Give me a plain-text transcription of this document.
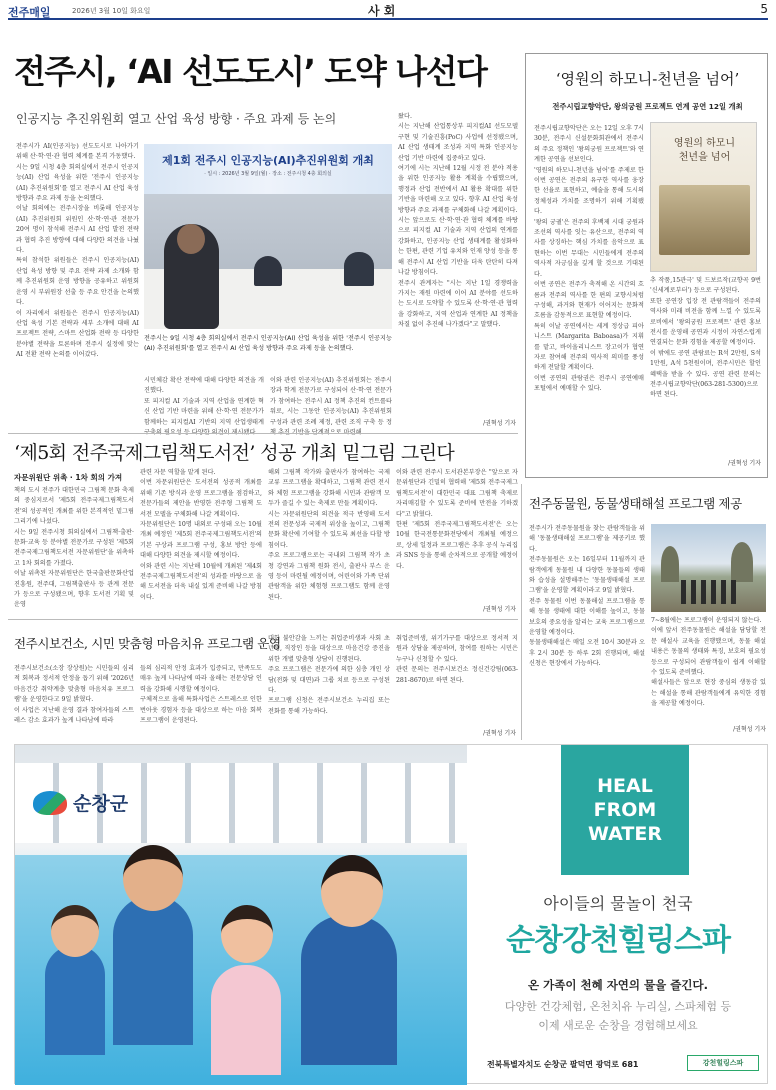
전주매일	2026년 3월 10일 화요일	사 회	5
전주시, ‘AI 선도도시’ 도약 나선다
인공지능 추진위원회 열고 산업 육성 방향 · 주요 과제 등 논의
전주시가 AI(인공지능) 선도도시로 나아가기 위해 산·학·연·관 협력 체계를 본격 가동했다.
시는 9일 시청 4층 회의실에서 전주시 인공지능(AI) 산업 육성을 위한 '전주시 인공지능(AI) 추진위원회'를 열고 전주시 AI 산업 육성 방향과 주요 과제 등을 논의했다.
이날 회의에는 전주시장을 비롯해 인공지능(AI) 추진위원회 위원인 산·학·연·관 전문가 20여 명이 참석해 전주시 AI 산업 발전 전략과 협력 추진 방향에 대해 다양한 의견을 나눴다.
특히 참석한 위원들은 전주시 인공지능(AI) 산업 육성 방향 및 주요 전략 과제 소개와 함께 추진위원회 운영 방향을 공유하고 위원회 운영 시 부위원장 선출 등 주요 안건을 논의했다.
이 자리에서 위원들은 전주시 인공지능(AI) 산업 육성 기본 전략과 세부 소개에 대해 AI 프로젝트 전략, 스마트 산업화 전략 등 다양한 분야별 전략을 토론하며 전주시 실정에 맞는 AI 전환 전략 논의를 이어갔다.
제1회 전주시 인공지능(AI)추진위원회 개최
· 일시 : 2026년 3월 9일(월) · 장소 : 전주시청 4층 회의실
전주시는 9일 시청 4층 회의실에서 전주시 인공지능(AI) 산업 육성을 위한 '전주시 인공지능(AI) 추진위원회'를 열고 전주시 AI 산업 육성 방향과 주요 과제 등을 논의했다.
시민체감 확산 전략에 대해 다양한 의견을 개진했다.
또 피지컬 AI 기술과 지역 산업을 연계한 혁신 산업 기반 마련을 위해 산·학·연 전문가가 함께하는 피지컬AI 기반의 지역 산업생태계
이와 관련 인공지능(AI) 추진위원회는 전주시장과 학계 전문가로 구성되어 산·학·연 전문가가 참여하는 전주시 AI 정책 추진의 컨트롤타워로, 시는 그동안 인공지능(AI) 추진위원회 구성과 관련 조례 제정, 관련 조직 구축 등 정
왔다.
시는 지난해 산업통상부 피지컬AI 선도모델 구현 및 기술진흥(PoC) 사업에 선정됐으며, AI 산업 생태계 조성과 지역 특화 인공지능 산업 기반 마련에 집중하고 있다.
여기에 시는 지난해 12월 시정 전 분야 적용을 위한 인공지능 활용 계획을 수립했으며, 행정과 산업 전반에서 AI 활용 확대를 위한 기반을 마련해 오고 있다. 향후 AI 산업 육성 방향과 주요 과제를 구체화해 나갈 계획이다.
시는 앞으로도 산·학·연·관 협력 체계를 바탕으로 피지컬 AI 기술과 지역 산업의 연계를 강화하고, 인공지능 산업 생태계를 활성화하는 한편, 관련 기업 유치와 인재 양성 등을 통해 전주시 AI 산업 기반을 더욱 탄탄히 다져 나갈 방침이다.
전주시 관계자는 "시는 지난 1일 경쟁력을 가지는 재원 마련에 이어 AI 분야를 선도하는 도시로 도약할 수 있도록 산·학·연·관 협력을 강화하고, 지역 산업과 연계한 AI 정책을 차질 없이 추진해 나가겠다"고 말했다.
/권혁성 기자
‘영원의 하모니-천년을 넘어’
전주시립교향악단, 왕의궁원 프로젝트 연계 공연 12일 개최
전주시립교향악단은 오는 12일 오후 7시 30분, 전주시 신설문화회관에서 전주시의 주요 정책인 '왕의궁원 프로젝트'와 연계한 공연을 선보인다.
'영원의 하모니-천년을 넘어'를 주제로 한 이번 공연은 전주의 유구한 역사를 웅장한 선율로 표현하고, 예술을 통해 도시의 정체성과 가치를 조명하기 위해 기획됐다.
'왕의 궁궐'은 전주의 후백제 시대 궁원과 조선의 역사를 잇는 유산으로, 전주의 역사를 상징하는 핵심 가치를 음악으로 표현하는 이번 무대는 시민들에게 전주의 역사적 자긍심을 깊게 할 것으로 기대된다.
이번 공연은 전주가 축적해 온 시간의 흐름과 전주의 역사를 한 편의 교향시처럼 구성해, 과거와 현재가 이어지는 문화적 흐름을 감동적으로 표현할 예정이다.
특히 이날 공연에서는 세계 정상급 피아니스트 (Margarita Baboasa)가 지휘를 맡고, 바이올리니스트 장고이가 협연자로 참여해 전주의 역사적 의미를 풍성하게 전달할 계획이다.
이번 공연의 관람권은 전주시 공연예매 포털에서 예매할 수 있다.
영원의 하모니
천년을 넘어
추 작품,15관극' 및 드보르작(교향곡 9번 '신세계로부터') 등으로 구성된다.
또한 공연장 입장 전 관람객들이 전주의 역사와 미래 비전을 함께 느낄 수 있도록 로비에서 '왕의궁원 프로젝트' 관련 홍보 전시를 운영해 공연과 시정이 자연스럽게 연결되는 문화 경험을 제공할 예정이다.
이 밖에도 공연 관람료는 R석 2만원, S석 1만원, A석 5천원이며, 전주시민은 할인 혜택을 받을 수 있다. 공연 관련 문의는 전주시립교향악단(063-281-5300)으로 하면 된다.
/권혁성 기자
‘제5회 전주국제그림책도서전’ 성공 개최 밑그림 그린다
자문위원단 위촉 · 1차 회의 가져
책의 도시 전주가 대한민국 그림책 문화 축제의 중심지로서 '제5회 전주국제그림책도서전'의 성공적인 개최를 위한 본격적인 밑그림 그리기에 나섰다.
시는 9일 전주시청 회의실에서 그림책·출판·문화·교육 등 분야별 전문가로 구성된 '제5회 전주국제그림책도서전 자문위원단'을 위촉하고 1차 회의를 가졌다.
이날 위촉된 자문위원단은 한국출판문화산업진흥원, 전주대, 그림책출판사 등 관계 전문가 등으로 구성됐으며, 향후 도서전 기획 및 운영
관련 자문 역할을 맡게 된다.
이번 자문위원단은 도서전의 성공적 개최를 위해 기존 방식과 운영 프로그램을 점검하고, 전문가들의 제안을 반영한 전주형 그림책 도서전 모델을 구체화해 나갈 계획이다.
자문위원단은 10명 내외로 구성돼 오는 10월 개최 예정인 '제5회 전주국제그림책도서전'의 기본 구상과 프로그램 구성, 홍보 방안 등에 대해 다양한 의견을 제시할 예정이다.
이와 관련 시는 지난해 10월에 개최된 '제4회 전주국제그림책도서전'의 성과를 바탕으로 올해 도서전을 더욱 내실 있게 준비해 나갈 방침이다.
해외 그림책 작가와 출판사가 참여하는 국제 교류 프로그램을 확대하고, 그림책 관련 전시와 체험 프로그램을 강화해 시민과 관람객 모두가 즐길 수 있는 축제로 만들 계획이다.
시는 자문위원단의 의견을 적극 반영해 도서전의 전문성과 국제적 위상을 높이고, 그림책 문화 확산에 기여할 수 있도록 최선을 다할 방침이다.
주요 프로그램으로는 국내외 그림책 작가 초청 강연과 그림책 원화 전시, 출판사 부스 운영 등이 마련될 예정이며, 어린이와 가족 단위 관람객을 위한 체험형 프로그램도 함께 운영된다.
이와 관련 전주시 도서관본부장은 "앞으로 자문위원단과 긴밀히 협력해 '제5회 전주국제그림책도서전'이 대한민국 대표 그림책 축제로 자리매김할 수 있도록 준비에 만전을 기하겠다"고 밝혔다.
한편 '제5회 전주국제그림책도서전'은 오는 10월 한국전통문화전당에서 개최될 예정으로, 상세 일정과 프로그램은 추후 공식 누리집과 SNS 등을 통해 순차적으로 공개할 예정이다.
/권혁성 기자
전주동물원, 동물생태해설 프로그램 제공
전주시가 전주동물원을 찾는 관람객들을 위해 '동물생태해설 프로그램'을 제공키로 했다.
전주동물원은 오는 16일부터 11월까지 관람객에게 동물원 내 다양한 동물들의 생태와 습성을 설명해주는 '동물생태해설 프로그램'을 운영할 계획이라고 9일 밝혔다.
전주 동물원 이번 동물해설 프로그램을 통해 동물 생태에 대한 이해를 높이고, 동물 보호의 중요성을 알리는 교육 프로그램으로 운영할 예정이다.
동물생태해설은 매일 오전 10시 30분과 오후 2시 30분 등 하루 2회 진행되며, 해설 신청은 현장에서 가능하다.
7~8월에는 프로그램이 운영되지 않는다.
이에 앞서 전주동물원은 해설을 담당할 전문 해설사 교육을 진행했으며, 동물 해설 내용은 동물의 생태와 특징, 보호의 필요성 등으로 구성되어 관람객들이 쉽게 이해할 수 있도록 준비했다.
해설사들은 앞으로 현장 중심의 생동감 있는 해설을 통해 관람객들에게 유익한 경험을 제공할 예정이다.
/권혁성 기자
전주시보건소, 시민 맞춤형 마음치유 프로그램 운영
전주시보건소(소장 장상원)는 시민들의 심리적 회복과 정서적 안정을 돕기 위해 '2026년 마음건강 취약계층 맞춤형 마음치유 프로그램'을 운영한다고 9일 밝혔다.
이 사업은 지난해 운영 결과 참여자들의 스트레스 감소 효과가 높게 나타남에 따라
들의 심리적 안정 효과가 입증되고, 만족도도 매우 높게 나타남에 따라 올해는 전문상담 인력을 강화해 시행할 예정이다.
구체적으로 올해 특화사업은 스트레스로 인한 번아웃 경험자 등을 대상으로 하는 마음 회복 프로그램이 운영된다.
대한 불안감을 느끼는 취업준비생과 사회 초년생, 직장인 등을 대상으로 마음건강 증진을 위한 개별 맞춤형 상담이 진행된다.
주요 프로그램은 전문가에 의한 심층 개인 상담(전화 및 대면)과 그룹 치료 등으로 구성된다.
프로그램 신청은 전주시보건소 누리집 또는 전화를 통해 가능하다.
취업준비생, 위기가구를 대상으로 정서적 지원과 상담을 제공하며, 참여를 원하는 시민은 누구나 신청할 수 있다.
관련 문의는 전주시보건소 정신건강팀(063-281-8670)로 하면 된다.
/권혁성 기자
순창군
HEAL
FROM
WATER
아이들의 물놀이 천국
순창강천힐링스파
온 가족이 천혜 자연의 물을 즐긴다.
다양한 건강체험, 온천치유 누리실, 스파체험 등
이제 새로운 순창을 경험해보세요
전북특별자치도 순창군 팔덕면 광덕로 681	강천힐링스파
